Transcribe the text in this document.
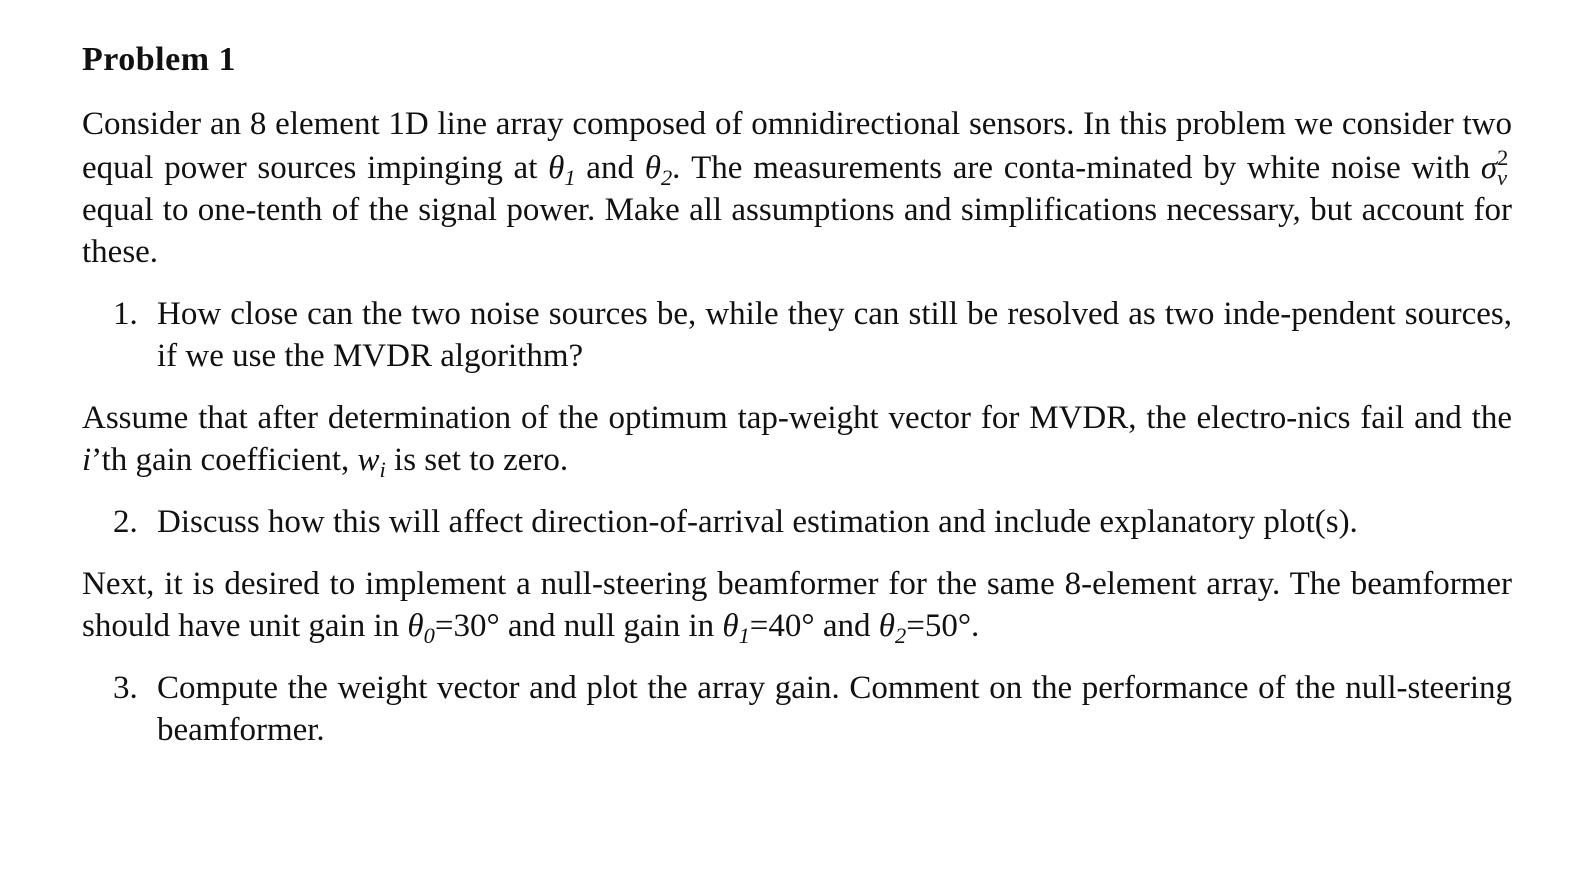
Problem 1

Consider an 8 element 1D line array composed of omnidirectional sensors. In this problem we consider two equal power sources impinging at $\theta_1$ and $\theta_2$. The measurements are conta-minated by white noise with σ 2
v
equal to one-tenth of the signal power. Make all assumptions and simplifications necessary, but account for these.

1. How close can the two noise sources be, while they can still be resolved as two inde-pendent sources, if we use the MVDR algorithm?

Assume that after determination of the optimum tap-weight vector for MVDR, the electro-nics fail and the i’th gain coefficient, $w_i$ is set to zero.

2. Discuss how this will affect direction-of-arrival estimation and include explanatory plot(s).

Next, it is desired to implement a null-steering beamformer for the same 8-element array. The beamformer should have unit gain in $\theta_0=30^\circ$ and null gain in $\theta_1=40^\circ$ and $\theta_2=50^\circ$.

3. Compute the weight vector and plot the array gain. Comment on the performance of the null-steering beamformer.
